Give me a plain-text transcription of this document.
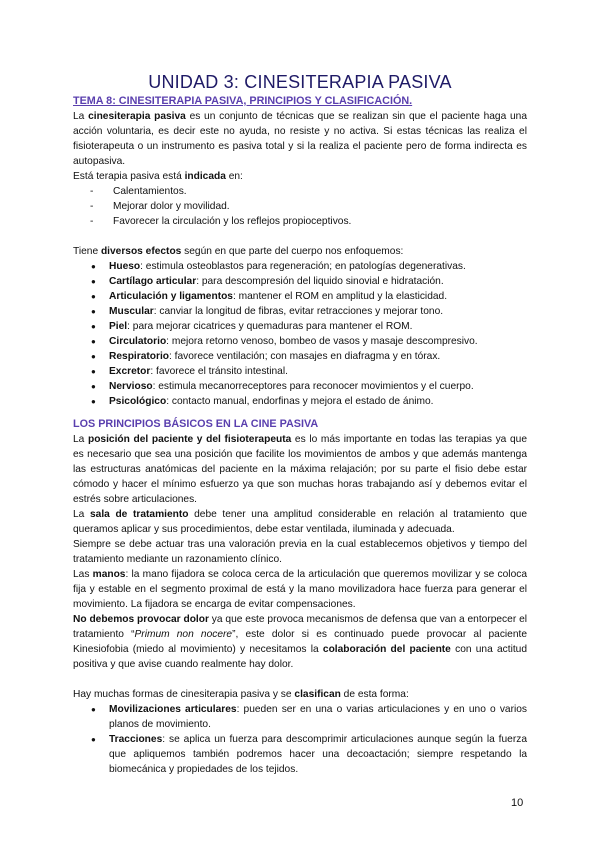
UNIDAD 3: CINESITERAPIA PASIVA
TEMA 8: CINESITERAPIA PASIVA, PRINCIPIOS Y CLASIFICACIÓN.

La cinesiterapia pasiva es un conjunto de técnicas que se realizan sin que el paciente haga una acción voluntaria, es decir este no ayuda, no resiste y no activa. Si estas técnicas las realiza el fisioterapeuta o un instrumento es pasiva total y si la realiza el paciente pero de forma indirecta es autopasiva.

Está terapia pasiva está indicada en:

- Calentamientos.
- Mejorar dolor y movilidad.
- Favorecer la circulación y los reflejos propioceptivos.

Tiene diversos efectos según en que parte del cuerpo nos enfoquemos:

● Hueso: estimula osteoblastos para regeneración; en patologías degenerativas.
● Cartílago articular: para descompresión del liquido sinovial e hidratación.
● Articulación y ligamentos: mantener el ROM en amplitud y la elasticidad.
● Muscular: canviar la longitud de fibras, evitar retracciones y mejorar tono.
● Piel: para mejorar cicatrices y quemaduras para mantener el ROM.
● Circulatorio: mejora retorno venoso, bombeo de vasos y masaje descompresivo.
● Respiratorio: favorece ventilación; con masajes en diafragma y en tórax.
● Excretor: favorece el tránsito intestinal.
● Nervioso: estimula mecanorreceptores para reconocer movimientos y el cuerpo.
● Psicológico: contacto manual, endorfinas y mejora el estado de ánimo.
LOS PRINCIPIOS BÁSICOS EN LA CINE PASIVA

La posición del paciente y del fisioterapeuta es lo más importante en todas las terapias ya que es necesario que sea una posición que facilite los movimientos de ambos y que además mantenga las estructuras anatómicas del paciente en la máxima relajación; por su parte el fisio debe estar cómodo y hacer el mínimo esfuerzo ya que son muchas horas trabajando así y debemos evitar el estrés sobre articulaciones.

La sala de tratamiento debe tener una amplitud considerable en relación al tratamiento que queramos aplicar y sus procedimientos, debe estar ventilada, iluminada y adecuada.

Siempre se debe actuar tras una valoración previa en la cual establecemos objetivos y tiempo del tratamiento mediante un razonamiento clínico.

Las manos: la mano fijadora se coloca cerca de la articulación que queremos movilizar y se coloca fija y estable en el segmento proximal de está y la mano movilizadora hace fuerza para generar el movimiento. La fijadora se encarga de evitar compensaciones.

No debemos provocar dolor ya que este provoca mecanismos de defensa que van a entorpecer el tratamiento “Primum non nocere”, este dolor si es continuado puede provocar al paciente Kinesiofobia (miedo al movimiento) y necesitamos la colaboración del paciente con una actitud positiva y que avise cuando realmente hay dolor.

Hay muchas formas de cinesiterapia pasiva y se clasifican de esta forma:

● Movilizaciones articulares: pueden ser en una o varias articulaciones y en uno o varios planos de movimiento.
● Tracciones: se aplica un fuerza para descomprimir articulaciones aunque según la fuerza que apliquemos también podremos hacer una decoactación; siempre respetando la biomecánica y propiedades de los tejidos.
10
